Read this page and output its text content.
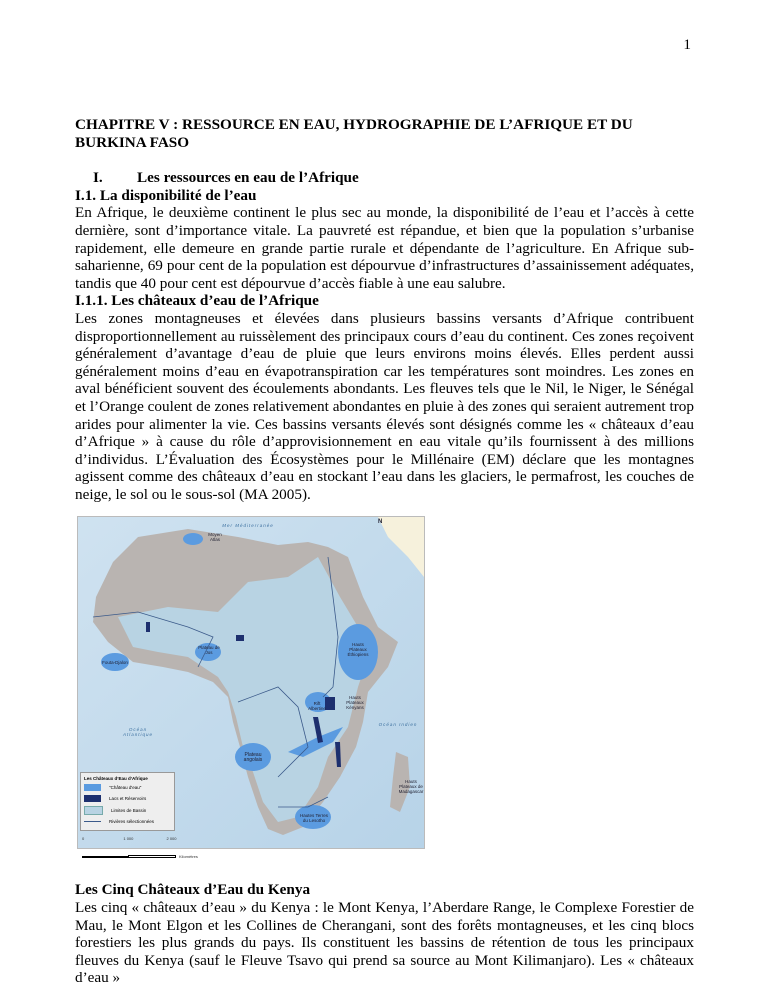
1

CHAPITRE V : RESSOURCE EN EAU, HYDROGRAPHIE DE L’AFRIQUE ET DU BURKINA FASO

I. Les ressources en eau de l’Afrique
I.1. La disponibilité de l’eau

En Afrique, le deuxième continent le plus sec au monde, la disponibilité de l’eau et l’accès à cette dernière, sont d’importance vitale. La pauvreté est répandue, et bien que la population s’urbanise rapidement, elle demeure en grande partie rurale et dépendante de l’agriculture. En Afrique sub-saharienne, 69 pour cent de la population est dépourvue d’infrastructures d’assainissement adéquates, tandis que 40 pour cent est dépourvue d’accès fiable à une eau salubre.

I.1.1. Les châteaux d’eau de l’Afrique

Les zones montagneuses et élevées dans plusieurs bassins versants d’Afrique contribuent disproportionnellement au ruissèlement des principaux cours d’eau du continent. Ces zones reçoivent généralement d’avantage d’eau de pluie que leurs environs moins élevés. Elles perdent aussi généralement moins d’eau en évapotranspiration car les températures sont moindres. Les zones en aval bénéficient souvent des écoulements abondants. Les fleuves tels que le Nil, le Niger, le Sénégal et l’Orange coulent de zones relativement abondantes en pluie à des zones qui seraient autrement trop arides pour alimenter la vie. Ces bassins versants élevés sont désignés comme les « châteaux d’eau d’Afrique » à cause du rôle d’approvisionnement en eau vitale qu’ils fournissent à des millions d’individus. L’Évaluation des Écosystèmes pour le Millénaire (EM) déclare que les montagnes agissent comme des châteaux d’eau en stockant l’eau dans les glaciers, le permafrost, les couches de neige, le sol ou le sous-sol (MA 2005).

N
Mer Méditerranée
Moyen Atlas
Fouta-Djalon
Plateau de Jos
Hauts Plateaux Éthiopiens
Hauts Plateaux Kényans
Rift Albertine
Océan Atlantique
Océan Indien
Plateau angolais
Hautes Terres du Lesotho
Hauts Plateaux de Madagascar
Les Châteaux d’Eau d’Afrique
"Château d'eau"
Lacs et Réservoirs
Limites de Bassin
Rivières sélectionnées
0	1 000	2 000
Kilomètres
Les Cinq Châteaux d’Eau du Kenya

Les cinq « châteaux d’eau » du Kenya : le Mont Kenya, l’Aberdare Range, le Complexe Forestier de Mau, le Mont Elgon et les Collines de Cherangani, sont des forêts montagneuses, et les cinq blocs forestiers les plus grands du pays. Ils constituent les bassins de rétention de tous les principaux fleuves du Kenya (sauf le Fleuve Tsavo qui prend sa source au Mont Kilimanjaro). Les « châteaux d’eau »
